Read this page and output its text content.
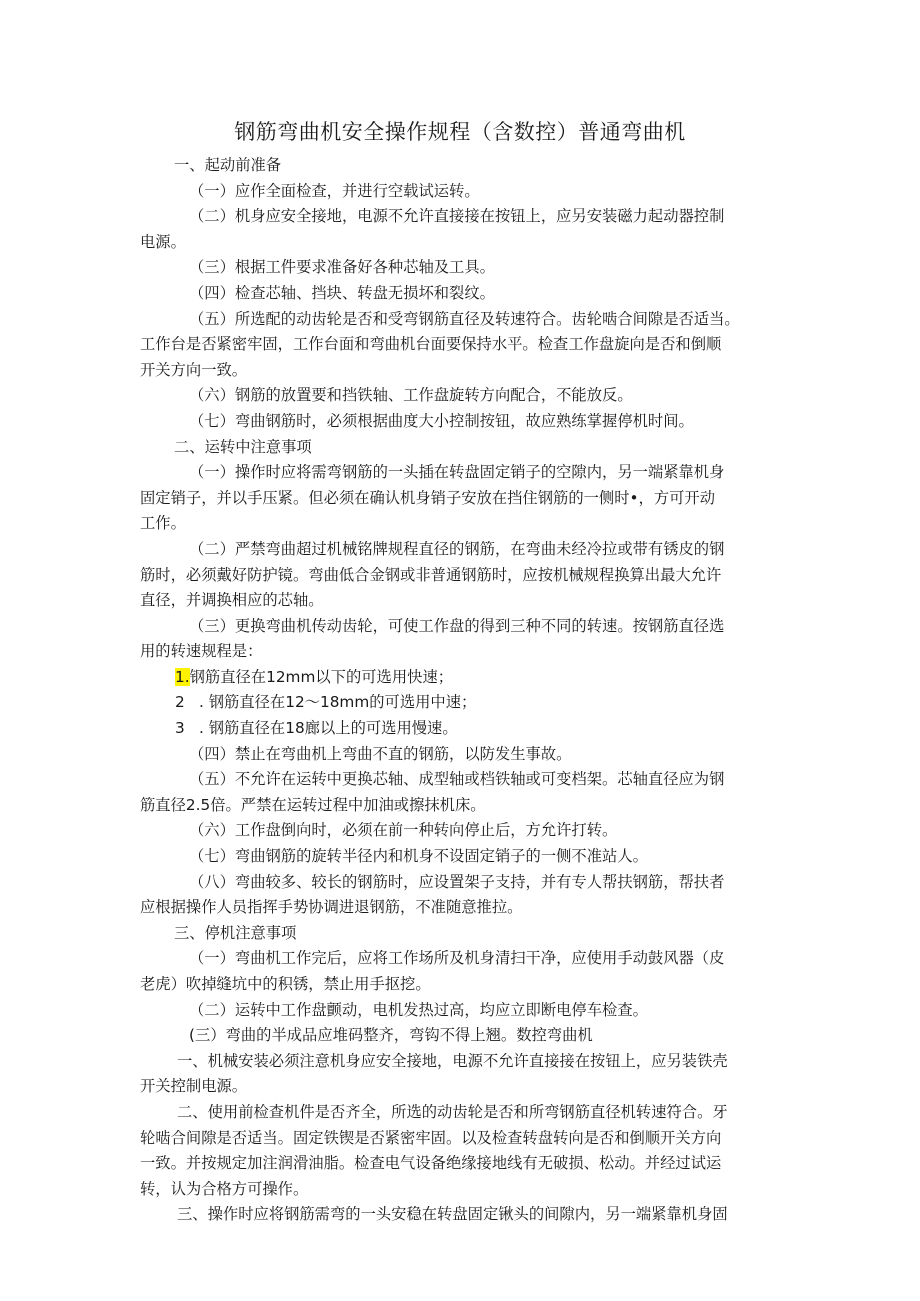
钢筋弯曲机安全操作规程（含数控）普通弯曲机
一、起动前准备
（一）应作全面检查，并进行空载试运转。
（二）机身应安全接地，电源不允许直接接在按钮上，应另安装磁力起动器控制
电源。
（三）根据工件要求准备好各种芯轴及工具。
（四）检查芯轴、挡块、转盘无损坏和裂纹。
（五）所选配的动齿轮是否和受弯钢筋直径及转速符合。齿轮啮合间隙是否适当。
工作台是否紧密牢固，工作台面和弯曲机台面要保持水平。检查工作盘旋向是否和倒顺
开关方向一致。
（六）钢筋的放置要和挡铁轴、工作盘旋转方向配合，不能放反。
（七）弯曲钢筋时，必须根据曲度大小控制按钮，故应熟练掌握停机时间。
二、运转中注意事项
（一）操作时应将需弯钢筋的一头插在转盘固定销子的空隙内，另一端紧靠机身
固定销子，并以手压紧。但必须在确认机身销子安放在挡住钢筋的一侧时•，方可开动
工作。
（二）严禁弯曲超过机械铭牌规程直径的钢筋，在弯曲未经冷拉或带有锈皮的钢
筋时，必须戴好防护镜。弯曲低合金钢或非普通钢筋时，应按机械规程换算出最大允许
直径，并调换相应的芯轴。
（三）更换弯曲机传动齿轮，可使工作盘的得到三种不同的转速。按钢筋直径选
用的转速规程是：
1.钢筋直径在12mm以下的可选用快速；
2 . 钢筋直径在12〜18mm的可选用中速；
3 . 钢筋直径在18廊以上的可选用慢速。
（四）禁止在弯曲机上弯曲不直的钢筋，以防发生事故。
（五）不允许在运转中更换芯轴、成型轴或档铁轴或可变档架。芯轴直径应为钢
筋直径2.5倍。严禁在运转过程中加油或擦抹机床。
（六）工作盘倒向时，必须在前一种转向停止后，方允许打转。
（七）弯曲钢筋的旋转半径内和机身不设固定销子的一侧不准站人。
（八）弯曲较多、较长的钢筋时，应设置架子支持，并有专人帮扶钢筋，帮扶者
应根据操作人员指挥手势协调进退钢筋，不准随意推拉。
三、停机注意事项
（一）弯曲机工作完后，应将工作场所及机身清扫干净，应使用手动鼓风器（皮
老虎）吹掉缝坑中的积锈，禁止用手抠挖。
（二）运转中工作盘颤动，电机发热过高，均应立即断电停车检查。
(三）弯曲的半成品应堆码整齐，弯钩不得上翘。数控弯曲机
一、机械安装必须注意机身应安全接地，电源不允许直接接在按钮上，应另装铁壳
开关控制电源。
二、使用前检查机件是否齐全，所选的动齿轮是否和所弯钢筋直径机转速符合。牙
轮啮合间隙是否适当。固定铁锲是否紧密牢固。以及检查转盘转向是否和倒顺开关方向
一致。并按规定加注润滑油脂。检查电气设备绝缘接地线有无破损、松动。并经过试运
转，认为合格方可操作。
三、操作时应将钢筋需弯的一头安稳在转盘固定锹头的间隙内，另一端紧靠机身固
